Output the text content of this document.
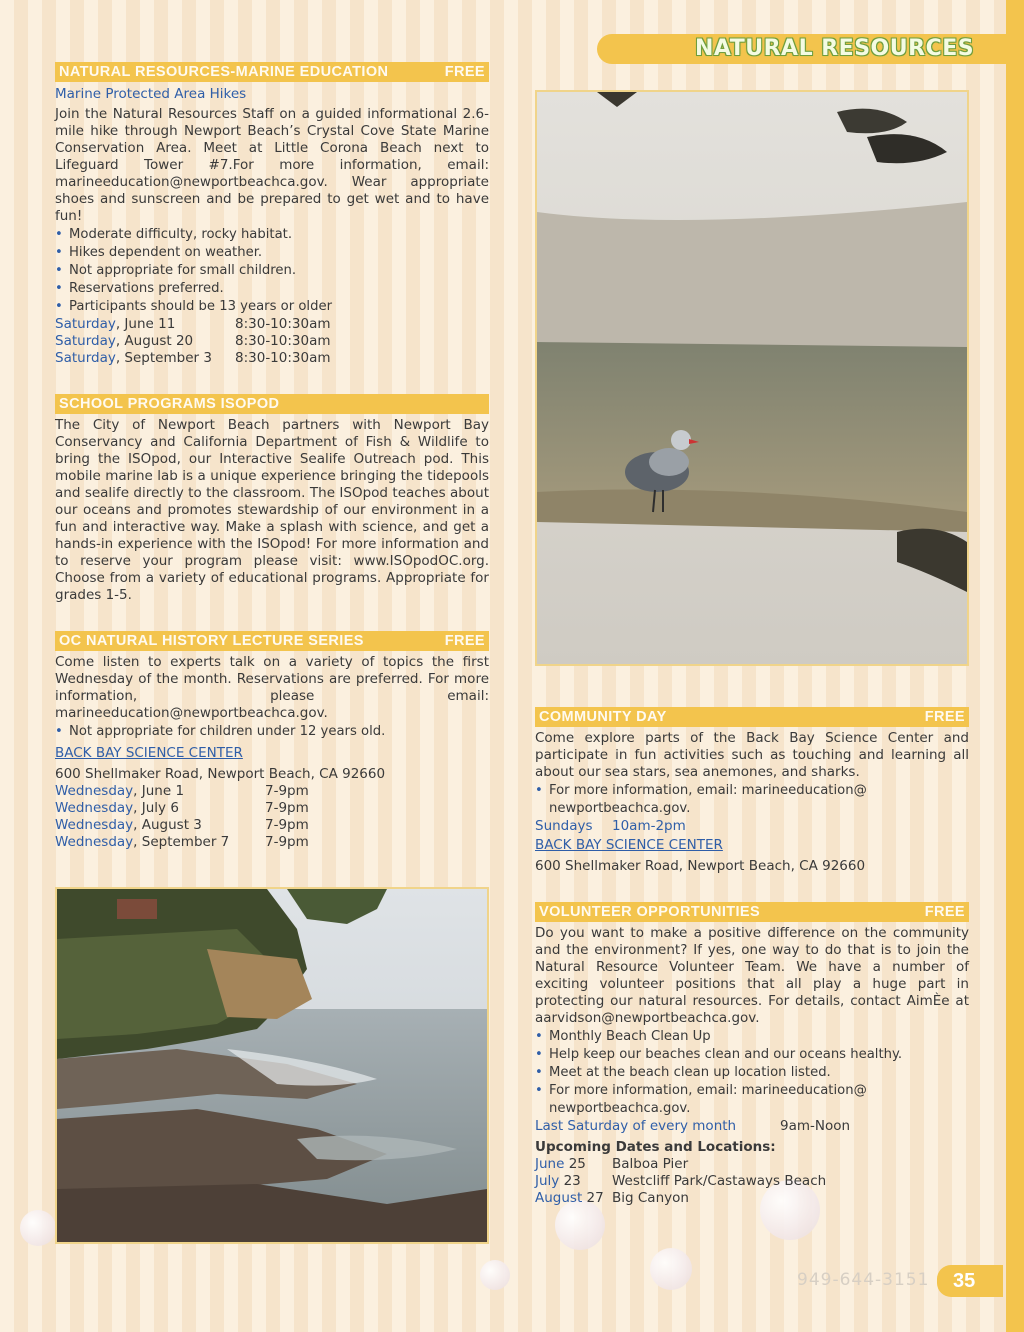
NATURAL RESOURCES
NATURAL RESOURCES-MARINE EDUCATION	FREE
Marine Protected Area Hikes
Join the Natural Resources Staff on a guided informational 2.6-mile hike through Newport Beach’s Crystal Cove State Marine Conservation Area. Meet at Little Corona Beach next to Lifeguard Tower #7.For more information, email: marineeducation@newportbeachca.gov. Wear appropriate shoes and sunscreen and be prepared to get wet and to have fun!
• Moderate difficulty, rocky habitat.
• Hikes dependent on weather.
• Not appropriate for small children.
• Reservations preferred.
• Participants should be 13 years or older
Saturday, June 11	8:30-10:30am
Saturday, August 20	8:30-10:30am
Saturday, September 3	8:30-10:30am
SCHOOL PROGRAMS ISOPOD
The City of Newport Beach partners with Newport Bay Conservancy and California Department of Fish & Wildlife to bring the ISOpod, our Interactive Sealife Outreach pod. This mobile marine lab is a unique experience bringing the tidepools and sealife directly to the classroom. The ISOpod teaches about our oceans and promotes stewardship of our environment in a fun and interactive way. Make a splash with science, and get a hands-in experience with the ISOpod! For more information and to reserve your program please visit: www.ISOpodOC.org. Choose from a variety of educational programs. Appropriate for grades 1-5.
OC NATURAL HISTORY LECTURE SERIES	FREE
Come listen to experts talk on a variety of topics the first Wednesday of the month. Reservations are preferred. For more information, please email: marineeducation@newportbeachca.gov.
• Not appropriate for children under 12 years old.
BACK BAY SCIENCE CENTER
600 Shellmaker Road, Newport Beach, CA 92660
Wednesday, June 1	7-9pm
Wednesday, July 6	7-9pm
Wednesday, August 3	7-9pm
Wednesday, September 7	7-9pm
COMMUNITY DAY	FREE
Come explore parts of the Back Bay Science Center and participate in fun activities such as touching and learning all about our sea stars, sea anemones, and sharks.
• For more information, email: marineeducation@
newportbeachca.gov.
Sundays	10am-2pm
BACK BAY SCIENCE CENTER
600 Shellmaker Road, Newport Beach, CA 92660
VOLUNTEER OPPORTUNITIES	FREE
Do you want to make a positive difference on the community and the environment? If yes, one way to do that is to join the Natural Resource Volunteer Team. We have a number of exciting volunteer positions that all play a huge part in protecting our natural resources. For details, contact AimÈe at aarvidson@newportbeachca.gov.
• Monthly Beach Clean Up
• Help keep our beaches clean and our oceans healthy.
• Meet at the beach clean up location listed.
• For more information, email: marineeducation@
newportbeachca.gov.
Last Saturday of every month	9am-Noon
Upcoming Dates and Locations:
June 25	Balboa Pier
July 23	Westcliff Park/Castaways Beach
August 27 Big Canyon
949-644-3151	35
